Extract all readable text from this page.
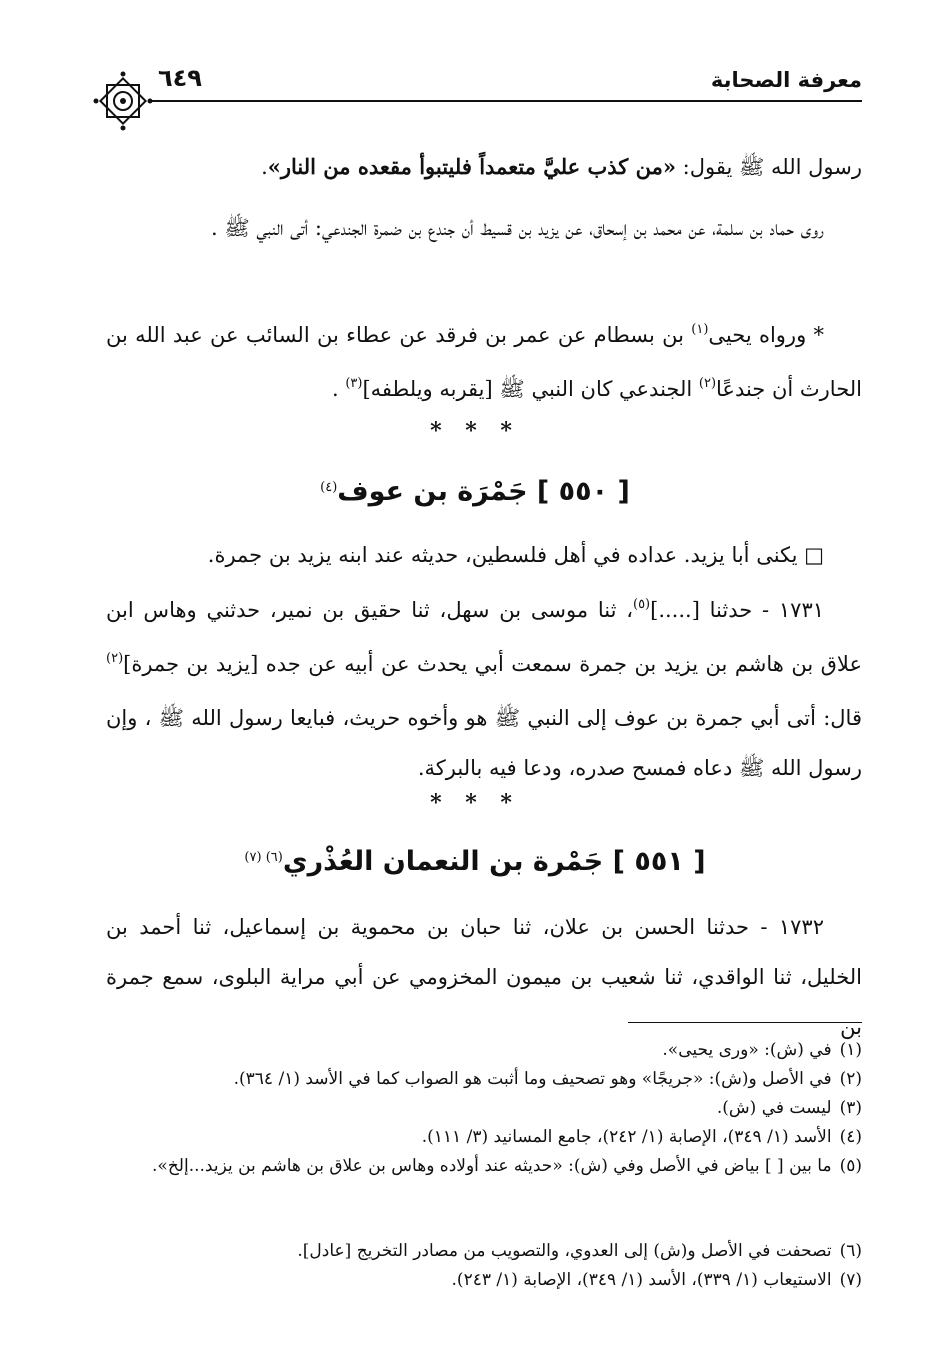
معرفة الصحابة
٦٤٩
رسول الله ﷺ يقول: «من كذب عليَّ متعمداً فليتبوأ مقعده من النار».
روى حماد بن سلمة، عن محمد بن إسحاق، عن يزيد بن قسيط أن جندع بن ضمرة الجندعي: أتى النبي ﷺ .
* ورواه يحيى$^{(١)}$ بن بسطام عن عمر بن فرقد عن عطاء بن السائب عن عبد الله بن الحارث أن جندعًا$^{(٢)}$ الجندعي كان النبي ﷺ [يقربه ويلطفه]$^{(٣)}$ .
* * *
[ ٥٥٠ ] جَمْرَة بن عوف$^{(٤)}$
□ يكنى أبا يزيد. عداده في أهل فلسطين، حديثه عند ابنه يزيد بن جمرة.
١٧٣١ - حدثنا [.....]$^{(٥)}$، ثنا موسى بن سهل، ثنا حقيق بن نمير، حدثني وهاس ابن علاق بن هاشم بن يزيد بن جمرة سمعت أبي يحدث عن أبيه عن جده [يزيد بن جمرة]$^{(٢)}$ قال: أتى أبي جمرة بن عوف إلى النبي ﷺ هو وأخوه حريث، فبايعا رسول الله ﷺ ، وإن رسول الله ﷺ دعاه فمسح صدره، ودعا فيه بالبركة.
* * *
[ ٥٥١ ] جَمْرة بن النعمان العُذْري$^{(٦) (٧)}$
١٧٣٢ - حدثنا الحسن بن علان، ثنا حبان بن محموية بن إسماعيل، ثنا أحمد بن الخليل، ثنا الواقدي، ثنا شعيب بن ميمون المخزومي عن أبي مراية البلوى، سمع جمرة بن
(١)في (ش): «ورى يحيى».
(٢)في الأصل و(ش): «جريجًا» وهو تصحيف وما أثبت هو الصواب كما في الأسد (١/ ٣٦٤).
(٣)ليست في (ش).
(٤)الأسد (١/ ٣٤٩)، الإصابة (١/ ٢٤٢)، جامع المسانيد (٣/ ١١١).
(٥)ما بين [ ] بياض في الأصل وفي (ش): «حديثه عند أولاده وهاس بن علاق بن هاشم بن يزيد...إلخ».
(٦)تصحفت في الأصل و(ش) إلى العدوي، والتصويب من مصادر التخريج [عادل].
(٧)الاستيعاب (١/ ٣٣٩)، الأسد (١/ ٣٤٩)، الإصابة (١/ ٢٤٣).
